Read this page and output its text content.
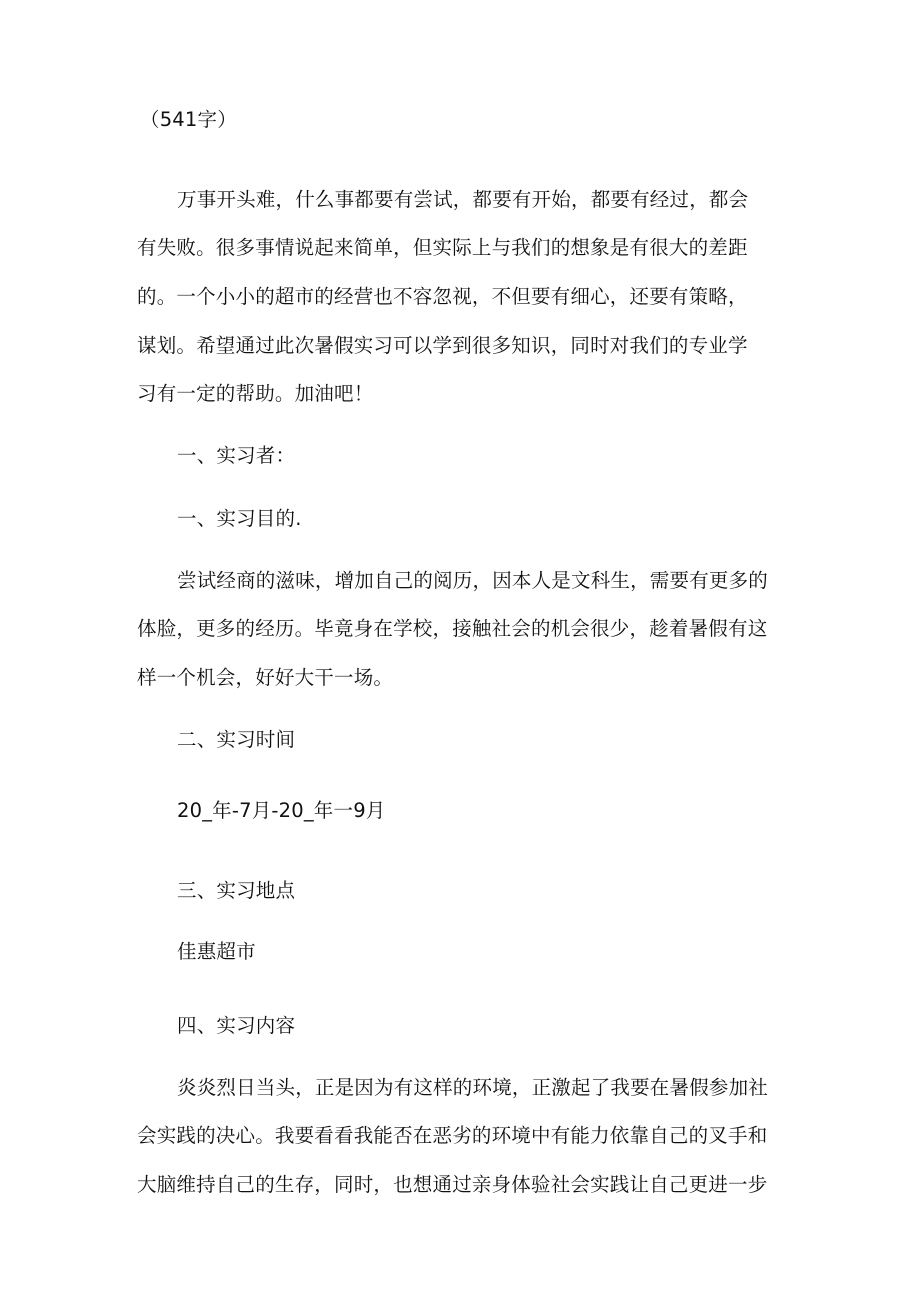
（541字）
万事开头难，什么事都要有尝试，都要有开始，都要有经过，都会
有失败。很多事情说起来简单，但实际上与我们的想象是有很大的差距
的。一个小小的超市的经营也不容忽视，不但要有细心，还要有策略，
谋划。希望通过此次暑假实习可以学到很多知识，同时对我们的专业学
习有一定的帮助。加油吧！
一、实习者：
一、实习目的.
尝试经商的滋味，增加自己的阅历，因本人是文科生，需要有更多的
体脸，更多的经历。毕竟身在学校，接触社会的机会很少，趁着暑假有这
样一个机会，好好大干一场。
二、实习时间
20_年-7月-20_年一9月
三、实习地点
佳惠超市
四、实习内容
炎炎烈日当头，正是因为有这样的环境，正激起了我要在暑假参加社
会实践的决心。我要看看我能否在恶劣的环境中有能力依靠自己的叉手和
大脑维持自己的生存，同时，也想通过亲身体验社会实践让自己更进一步
